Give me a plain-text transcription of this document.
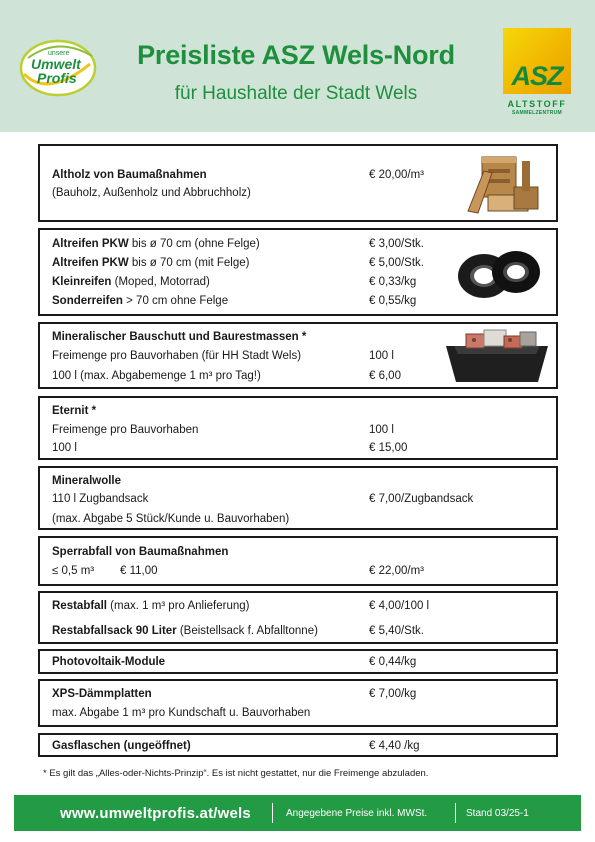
unsere
Umwelt
Profis
Preisliste ASZ Wels-Nord
für Haushalte der Stadt Wels
ASZ
ALTSTOFF
SAMMELZENTRUM
Altholz von Baumaßnahmen
(Bauholz, Außenholz und Abbruchholz)
€ 20,00/m³
Altreifen PKW bis ø 70 cm (ohne Felge)	€ 3,00/Stk.
Altreifen PKW bis ø 70 cm (mit Felge)	€ 5,00/Stk.
Kleinreifen (Moped, Motorrad)	€ 0,33/kg
Sonderreifen > 70 cm ohne Felge	€ 0,55/kg
Mineralischer Bauschutt und Baurestmassen *
Freimenge pro Bauvorhaben (für HH Stadt Wels)	100 l
100 l (max. Abgabemenge 1 m³ pro Tag!)	€ 6,00
Eternit *
Freimenge pro Bauvorhaben	100 l
100 l	€ 15,00
Mineralwolle
110 l Zugbandsack	€ 7,00/Zugbandsack
(max. Abgabe 5 Stück/Kunde u. Bauvorhaben)
Sperrabfall von Baumaßnahmen
≤ 0,5 m³ € 11,00	€ 22,00/m³
Restabfall (max. 1 m³ pro Anlieferung)	€ 4,00/100 l
Restabfallsack 90 Liter (Beistellsack f. Abfalltonne)	€ 5,40/Stk.
Photovoltaik-Module	€ 0,44/kg
XPS-Dämmplatten	€ 7,00/kg
max. Abgabe 1 m³ pro Kundschaft u. Bauvorhaben
Gasflaschen (ungeöffnet)	€ 4,40 /kg
* Es gilt das „Alles-oder-Nichts-Prinzip“. Es ist nicht gestattet, nur die Freimenge abzuladen.
www.umweltprofis.at/wels	Angegebene Preise inkl. MWSt.	Stand 03/25-1
